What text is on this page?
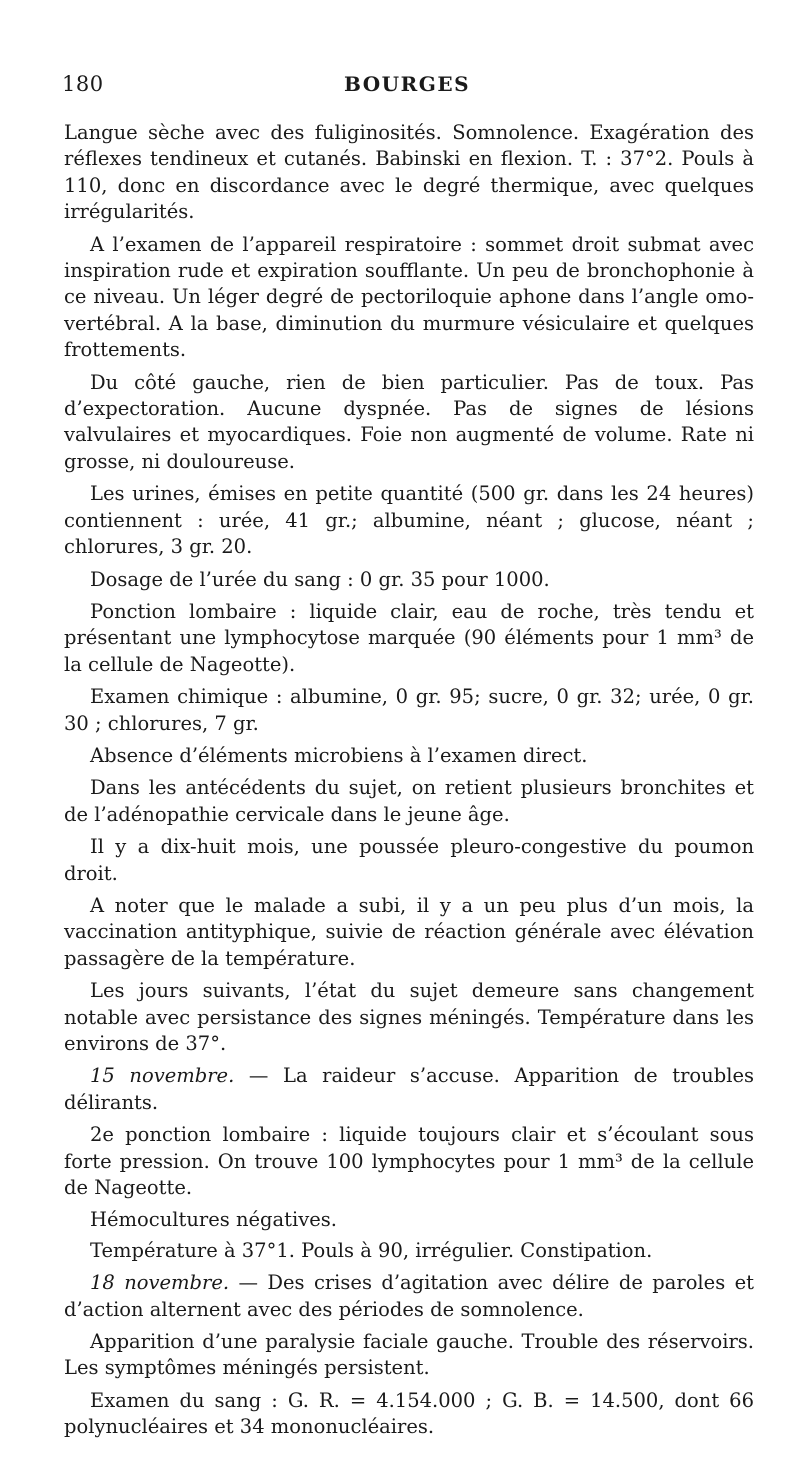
180	BOURGES

Langue sèche avec des fuliginosités. Somnolence. Exagération des réflexes tendineux et cutanés. Babinski en flexion. T. : 37°2. Pouls à 110, donc en discordance avec le degré thermique, avec quelques irrégularités.

A l’examen de l’appareil respiratoire : sommet droit submat avec inspiration rude et expiration soufflante. Un peu de bronchophonie à ce niveau. Un léger degré de pectoriloquie aphone dans l’angle omo-vertébral. A la base, diminution du murmure vésiculaire et quelques frottements.

Du côté gauche, rien de bien particulier. Pas de toux. Pas d’expectoration. Aucune dyspnée. Pas de signes de lésions valvulaires et myocardiques. Foie non augmenté de volume. Rate ni grosse, ni douloureuse.

Les urines, émises en petite quantité (500 gr. dans les 24 heures) contiennent : urée, 41 gr.; albumine, néant ; glucose, néant ; chlorures, 3 gr. 20.

Dosage de l’urée du sang : 0 gr. 35 pour 1000.

Ponction lombaire : liquide clair, eau de roche, très tendu et présentant une lymphocytose marquée (90 éléments pour 1 mm³ de la cellule de Nageotte).

Examen chimique : albumine, 0 gr. 95; sucre, 0 gr. 32; urée, 0 gr. 30 ; chlorures, 7 gr.

Absence d’éléments microbiens à l’examen direct.

Dans les antécédents du sujet, on retient plusieurs bronchites et de l’adénopathie cervicale dans le jeune âge.

Il y a dix-huit mois, une poussée pleuro-congestive du poumon droit.

A noter que le malade a subi, il y a un peu plus d’un mois, la vaccination antityphique, suivie de réaction générale avec élévation passagère de la température.

Les jours suivants, l’état du sujet demeure sans changement notable avec persistance des signes méningés. Température dans les environs de 37°.

15 novembre. — La raideur s’accuse. Apparition de troubles délirants.

2e ponction lombaire : liquide toujours clair et s’écoulant sous forte pression. On trouve 100 lymphocytes pour 1 mm³ de la cellule de Nageotte.

Hémocultures négatives.

Température à 37°1. Pouls à 90, irrégulier. Constipation.

18 novembre. — Des crises d’agitation avec délire de paroles et d’action alternent avec des périodes de somnolence.

Apparition d’une paralysie faciale gauche. Trouble des réservoirs. Les symptômes méningés persistent.

Examen du sang : G. R. = 4.154.000 ; G. B. = 14.500, dont 66 polynucléaires et 34 mononucléaires.
